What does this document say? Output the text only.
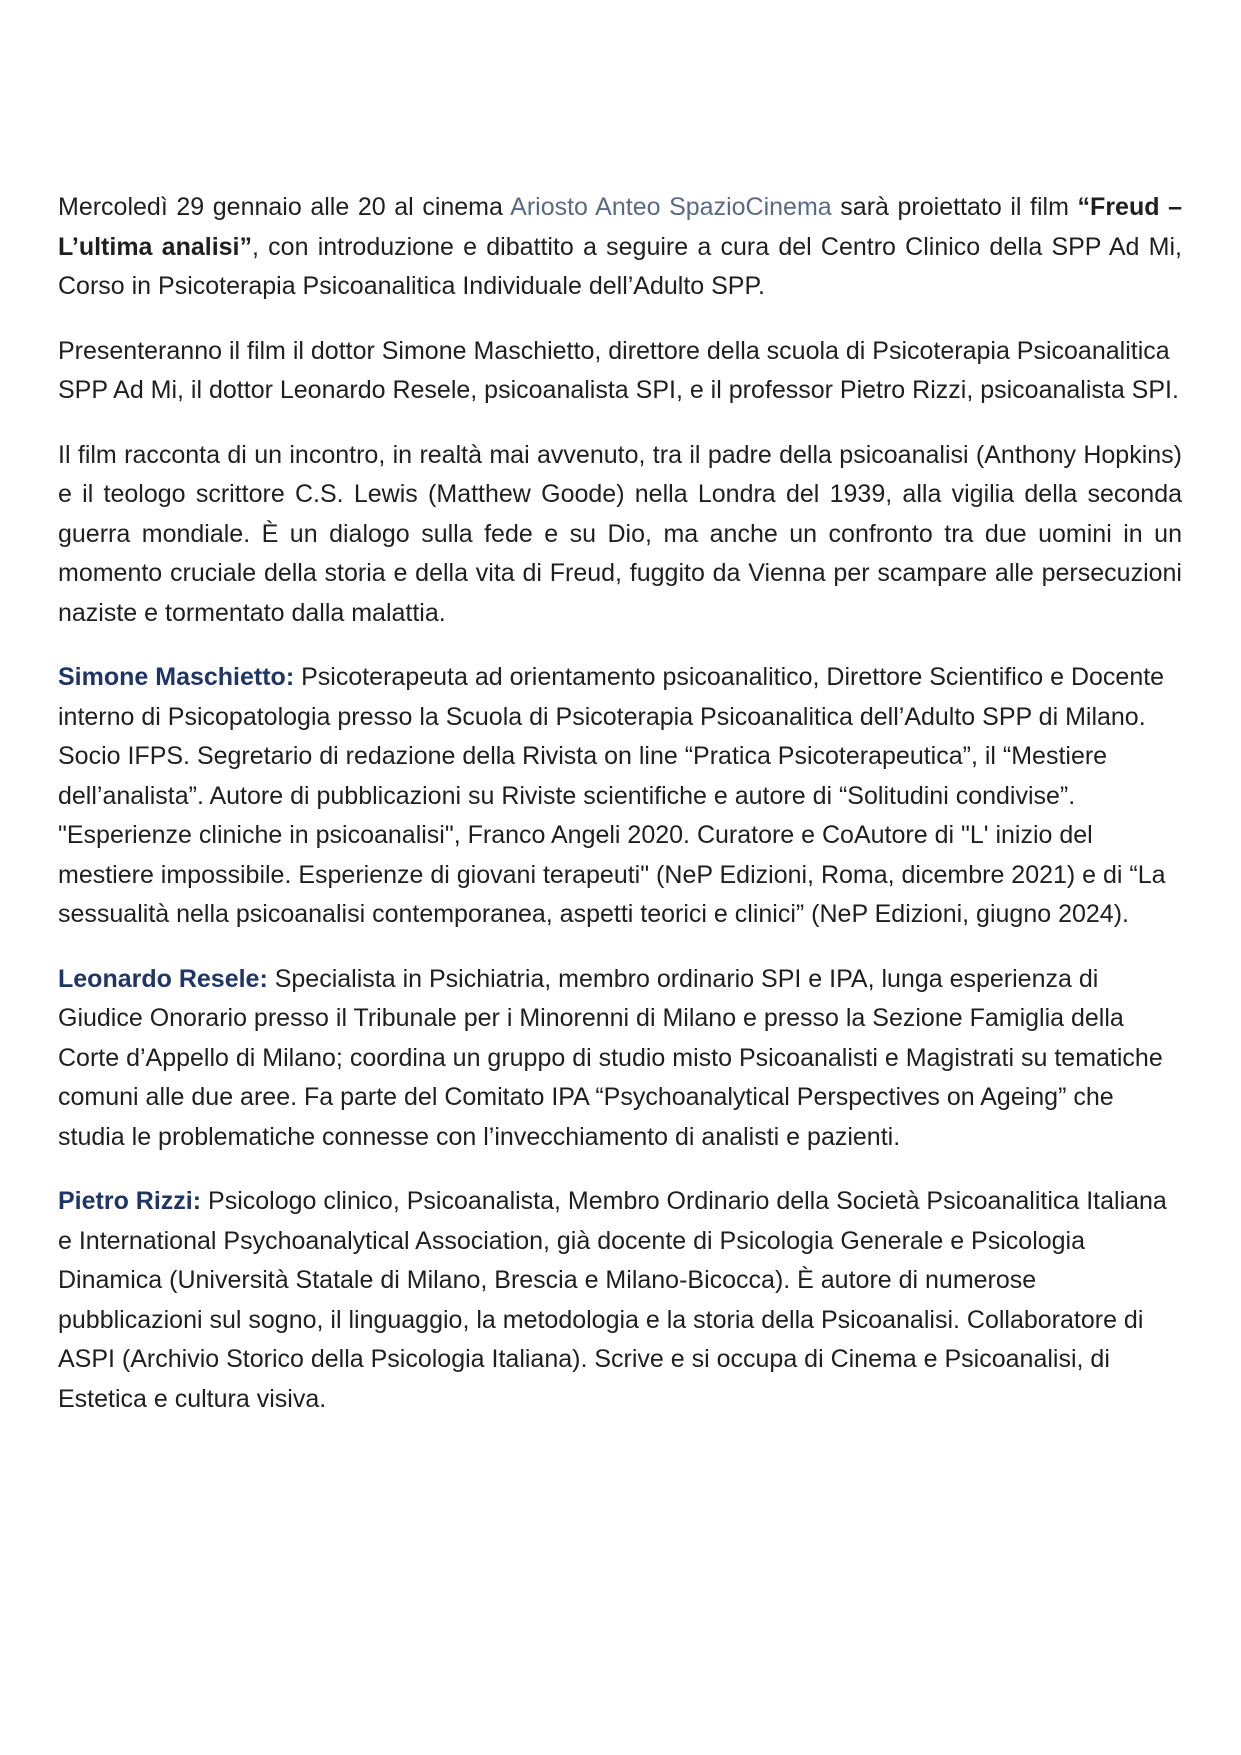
Mercoledì 29 gennaio alle 20 al cinema Ariosto Anteo SpazioCinema sarà proiettato il film “Freud – L’ultima analisi”, con introduzione e dibattito a seguire a cura del Centro Clinico della SPP Ad Mi, Corso in Psicoterapia Psicoanalitica Individuale dell’Adulto SPP.

Presenteranno il film il dottor Simone Maschietto, direttore della scuola di Psicoterapia Psicoanalitica SPP Ad Mi, il dottor Leonardo Resele, psicoanalista SPI, e il professor Pietro Rizzi, psicoanalista SPI.

Il film racconta di un incontro, in realtà mai avvenuto, tra il padre della psicoanalisi (Anthony Hopkins) e il teologo scrittore C.S. Lewis (Matthew Goode) nella Londra del 1939, alla vigilia della seconda guerra mondiale. È un dialogo sulla fede e su Dio, ma anche un confronto tra due uomini in un momento cruciale della storia e della vita di Freud, fuggito da Vienna per scampare alle persecuzioni naziste e tormentato dalla malattia.

Simone Maschietto: Psicoterapeuta ad orientamento psicoanalitico, Direttore Scientifico e Docente interno di Psicopatologia presso la Scuola di Psicoterapia Psicoanalitica dell’Adulto SPP di Milano. Socio IFPS. Segretario di redazione della Rivista on line “Pratica Psicoterapeutica”, il “Mestiere dell’analista”. Autore di pubblicazioni su Riviste scientifiche e autore di “Solitudini condivise”. "Esperienze cliniche in psicoanalisi", Franco Angeli 2020. Curatore e CoAutore di "L' inizio del mestiere impossibile. Esperienze di giovani terapeuti" (NeP Edizioni, Roma, dicembre 2021) e di “La sessualità nella psicoanalisi contemporanea, aspetti teorici e clinici” (NeP Edizioni, giugno 2024).

Leonardo Resele: Specialista in Psichiatria, membro ordinario SPI e IPA, lunga esperienza di Giudice Onorario presso il Tribunale per i Minorenni di Milano e presso la Sezione Famiglia della Corte d’Appello di Milano; coordina un gruppo di studio misto Psicoanalisti e Magistrati su tematiche comuni alle due aree. Fa parte del Comitato IPA “Psychoanalytical Perspectives on Ageing” che studia le problematiche connesse con l’invecchiamento di analisti e pazienti.

Pietro Rizzi: Psicologo clinico, Psicoanalista, Membro Ordinario della Società Psicoanalitica Italiana e International Psychoanalytical Association, già docente di Psicologia Generale e Psicologia Dinamica (Università Statale di Milano, Brescia e Milano-Bicocca). È autore di numerose pubblicazioni sul sogno, il linguaggio, la metodologia e la storia della Psicoanalisi. Collaboratore di ASPI (Archivio Storico della Psicologia Italiana). Scrive e si occupa di Cinema e Psicoanalisi, di Estetica e cultura visiva.
